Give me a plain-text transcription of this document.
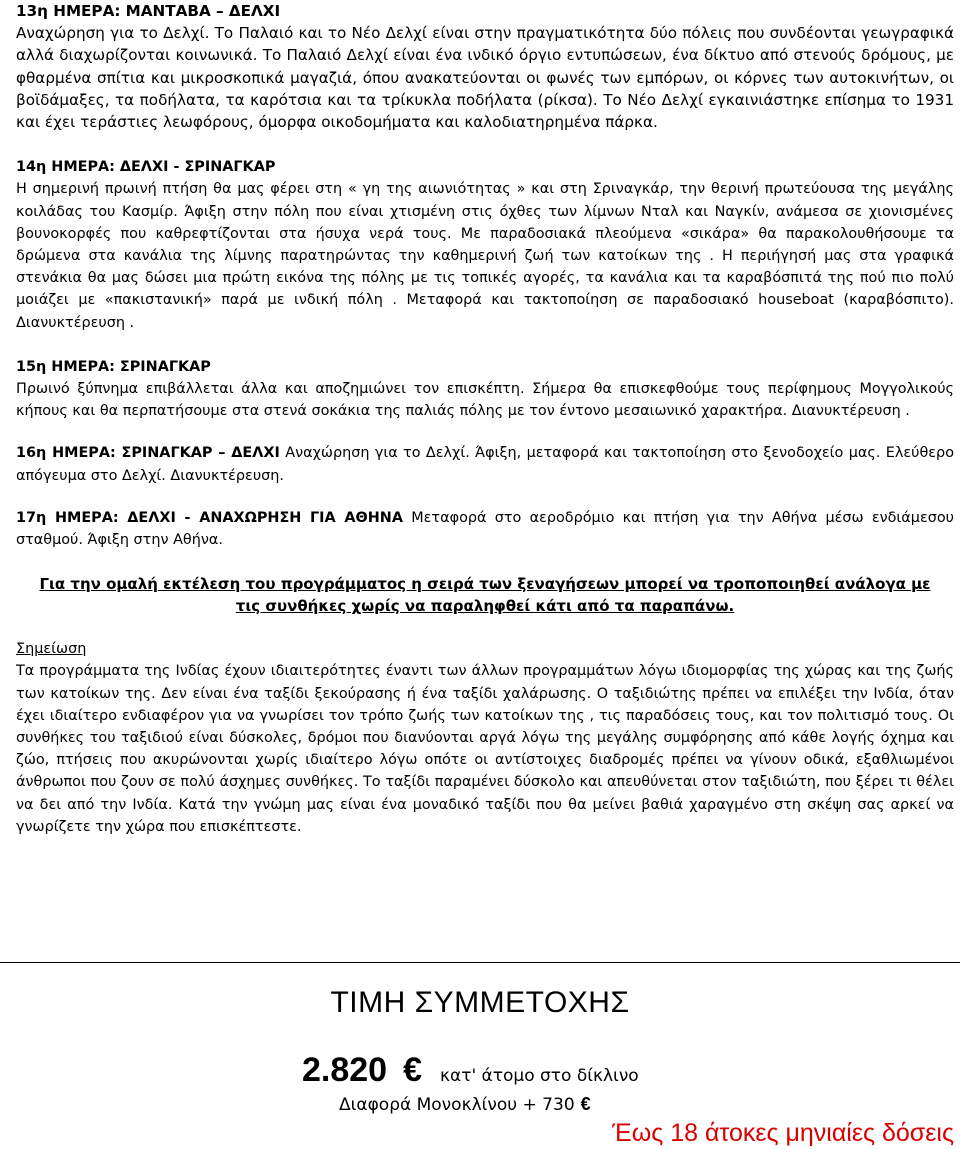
13η ΗΜΕΡΑ: ΜΑΝΤΑΒΑ – ΔΕΛΧΙ
Αναχώρηση για το Δελχί. Το Παλαιό και το Νέο Δελχί είναι στην πραγματικότητα δύο πόλεις που συνδέονται γεωγραφικά αλλά διαχωρίζονται κοινωνικά. Το Παλαιό Δελχί είναι ένα ινδικό όργιο εντυπώσεων, ένα δίκτυο από στενούς δρόμους, με φθαρμένα σπίτια και μικροσκοπικά μαγαζιά, όπου ανακατεύονται οι φωνές των εμπόρων, οι κόρνες των αυτοκινήτων, οι βοϊδάμαξες, τα ποδήλατα, τα καρότσια και τα τρίκυκλα ποδήλατα (ρίκσα). Το Νέο Δελχί εγκαινιάστηκε επίσημα το 1931 και έχει τεράστιες λεωφόρους, όμορφα οικοδομήματα και καλοδιατηρημένα πάρκα.

14η ΗΜΕΡΑ: ΔΕΛΧΙ - ΣΡΙΝΑΓΚΑΡ
Η σημερινή πρωινή πτήση θα μας φέρει στη « γη της αιωνιότητας » και στη Σριναγκάρ, την θερινή πρωτεύουσα της μεγάλης κοιλάδας του Κασμίρ. Άφιξη στην πόλη που είναι χτισμένη στις όχθες των λίμνων Νταλ και Ναγκίν, ανάμεσα σε χιονισμένες βουνοκορφές που καθρεφτίζονται στα ήσυχα νερά τους. Με παραδοσιακά πλεούμενα «σικάρα» θα παρακολουθήσουμε τα δρώμενα στα κανάλια της λίμνης παρατηρώντας την καθημερινή ζωή των κατοίκων της . Η περιήγησή μας στα γραφικά στενάκια θα μας δώσει μια πρώτη εικόνα της πόλης με τις τοπικές αγορές, τα κανάλια και τα καραβόσπιτά της πού πιο πολύ μοιάζει με «πακιστανική» παρά με ινδική πόλη . Μεταφορά και τακτοποίηση σε παραδοσιακό houseboat (καραβόσπιτο). Διανυκτέρευση .

15η ΗΜΕΡΑ: ΣΡΙΝΑΓΚΑΡ
Πρωινό ξύπνημα επιβάλλεται άλλα και αποζημιώνει τον επισκέπτη. Σήμερα θα επισκεφθούμε τους περίφημους Μογγολικούς κήπους και θα περπατήσουμε στα στενά σοκάκια της παλιάς πόλης με τον έντονο μεσαιωνικό χαρακτήρα. Διανυκτέρευση .

16η ΗΜΕΡΑ: ΣΡΙΝΑΓΚΑΡ – ΔΕΛΧΙ Αναχώρηση για το Δελχί. Άφιξη, μεταφορά και τακτοποίηση στο ξενοδοχείο μας. Ελεύθερο απόγευμα στο Δελχί. Διανυκτέρευση.

17η ΗΜΕΡΑ: ΔΕΛΧΙ - ΑΝΑΧΩΡΗΣΗ ΓΙΑ ΑΘΗΝΑ Μεταφορά στο αεροδρόμιο και πτήση για την Αθήνα μέσω ενδιάμεσου σταθμού. Άφιξη στην Αθήνα.

Για την ομαλή εκτέλεση του προγράμματος η σειρά των ξεναγήσεων μπορεί να τροποποιηθεί ανάλογα με
τις συνθήκες χωρίς να παραληφθεί κάτι από τα παραπάνω.

Σημείωση
Τα προγράμματα της Ινδίας έχουν ιδιαιτερότητες έναντι των άλλων προγραμμάτων λόγω ιδιομορφίας της χώρας και της ζωής των κατοίκων της. Δεν είναι ένα ταξίδι ξεκούρασης ή ένα ταξίδι χαλάρωσης. Ο ταξιδιώτης πρέπει να επιλέξει την Ινδία, όταν έχει ιδιαίτερο ενδιαφέρον για να γνωρίσει τον τρόπο ζωής των κατοίκων της , τις παραδόσεις τους, και τον πολιτισμό τους. Οι συνθήκες του ταξιδιού είναι δύσκολες, δρόμοι που διανύονται αργά λόγω της μεγάλης συμφόρησης από κάθε λογής όχημα και ζώο, πτήσεις που ακυρώνονται χωρίς ιδιαίτερο λόγω οπότε οι αντίστοιχες διαδρομές πρέπει να γίνουν οδικά, εξαθλιωμένοι άνθρωποι που ζουν σε πολύ άσχημες συνθήκες. Το ταξίδι παραμένει δύσκολο και απευθύνεται στον ταξιδιώτη, που ξέρει τι θέλει να δει από την Ινδία. Κατά την γνώμη μας είναι ένα μοναδικό ταξίδι που θα μείνει βαθιά χαραγμένο στη σκέψη σας αρκεί να γνωρίζετε την χώρα που επισκέπτεστε.

ΤΙΜΗ ΣΥΜΜΕΤΟΧΗΣ
2.820 € κατ' άτομο στο δίκλινο
Διαφορά Μονοκλίνου + 730 €
Έως 18 άτοκες μηνιαίες δόσεις
